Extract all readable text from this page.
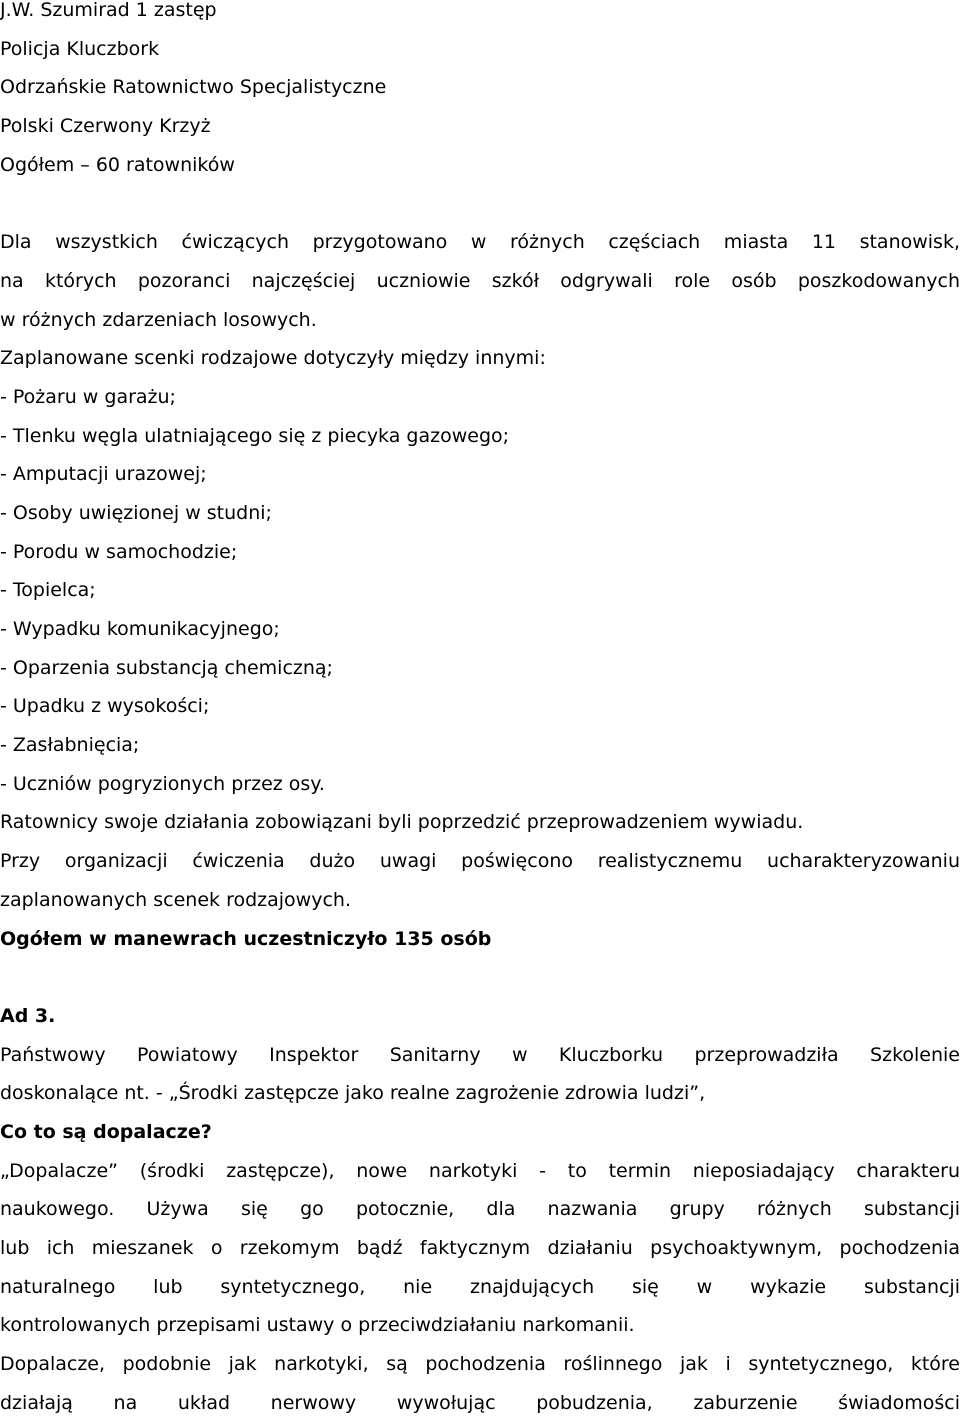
J.W. Szumirad 1 zastęp
Policja Kluczbork
Odrzańskie Ratownictwo Specjalistyczne
Polski Czerwony Krzyż
Ogółem – 60 ratowników
Dla wszystkich ćwiczących przygotowano w różnych częściach miasta 11 stanowisk,
na których pozoranci najczęściej uczniowie szkół odgrywali role osób poszkodowanych
w różnych zdarzeniach losowych.
Zaplanowane scenki rodzajowe dotyczyły między innymi:
- Pożaru w garażu;
- Tlenku węgla ulatniającego się z piecyka gazowego;
- Amputacji urazowej;
- Osoby uwięzionej w studni;
- Porodu w samochodzie;
- Topielca;
- Wypadku komunikacyjnego;
- Oparzenia substancją chemiczną;
- Upadku z wysokości;
- Zasłabnięcia;
- Uczniów pogryzionych przez osy.
Ratownicy swoje działania zobowiązani byli poprzedzić przeprowadzeniem wywiadu.
Przy organizacji ćwiczenia dużo uwagi poświęcono realistycznemu ucharakteryzowaniu
zaplanowanych scenek rodzajowych.
Ogółem w manewrach uczestniczyło 135 osób
Ad 3.
Państwowy Powiatowy Inspektor Sanitarny w Kluczborku przeprowadziła Szkolenie
doskonalące nt. - „Środki zastępcze jako realne zagrożenie zdrowia ludzi”,
Co to są dopalacze?
„Dopalacze” (środki zastępcze), nowe narkotyki - to termin nieposiadający charakteru
naukowego. Używa się go potocznie, dla nazwania grupy różnych substancji
lub ich mieszanek o rzekomym bądź faktycznym działaniu psychoaktywnym, pochodzenia
naturalnego lub syntetycznego, nie znajdujących się w wykazie substancji
kontrolowanych przepisami ustawy o przeciwdziałaniu narkomanii.
Dopalacze, podobnie jak narkotyki, są pochodzenia roślinnego jak i syntetycznego, które
działają na układ nerwowy wywołując pobudzenia, zaburzenie świadomości
